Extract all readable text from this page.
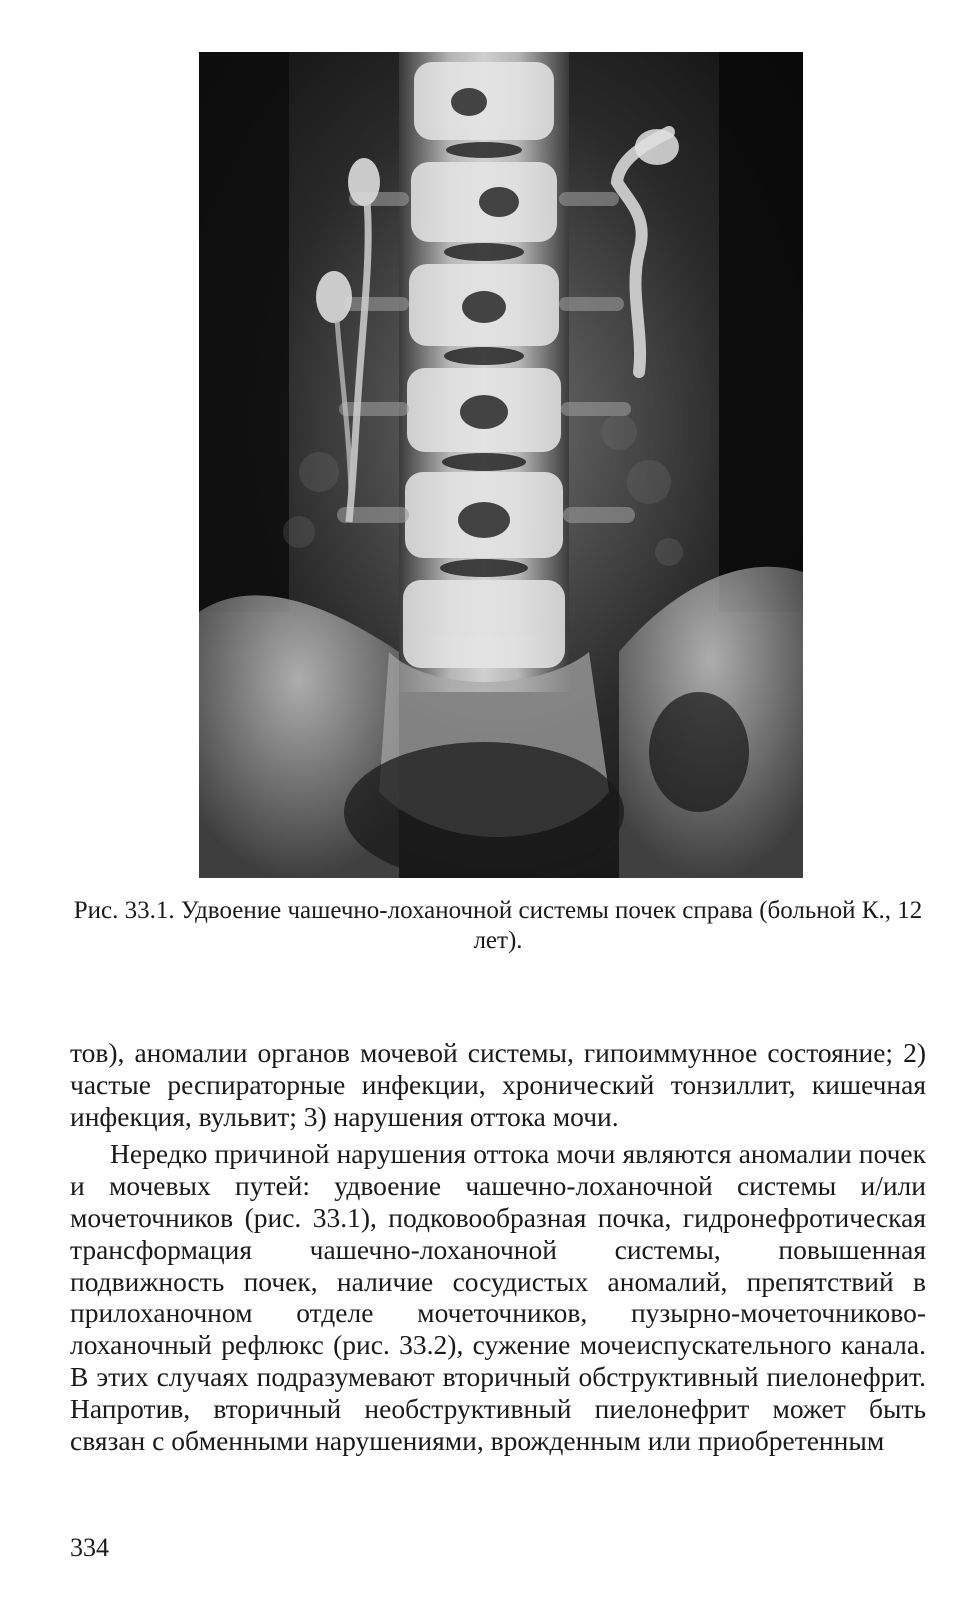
Рис. 33.1. Удвоение чашечно-лоханочной системы почек справа (больной К., 12 лет).

тов), аномалии органов мочевой системы, гипоиммунное состояние; 2) частые респираторные инфекции, хронический тонзиллит, кишечная инфекция, вульвит; 3) нарушения оттока мочи.

Нередко причиной нарушения оттока мочи являются аномалии почек и мочевых путей: удвоение чашечно-лоханочной системы и/или мочеточников (рис. 33.1), подковообразная почка, гидронефротическая трансформация чашечно-лоханочной системы, повышенная подвижность почек, наличие сосудистых аномалий, препятствий в прилоханочном отделе мочеточников, пузырно-мочеточниково-лоханочный рефлюкс (рис. 33.2), сужение мочеиспускательного канала. В этих случаях подразумевают вторичный обструктивный пиелонефрит. Напротив, вторичный необструктивный пиелонефрит может быть связан с обменными нарушениями, врожденным или приобретенным

334
